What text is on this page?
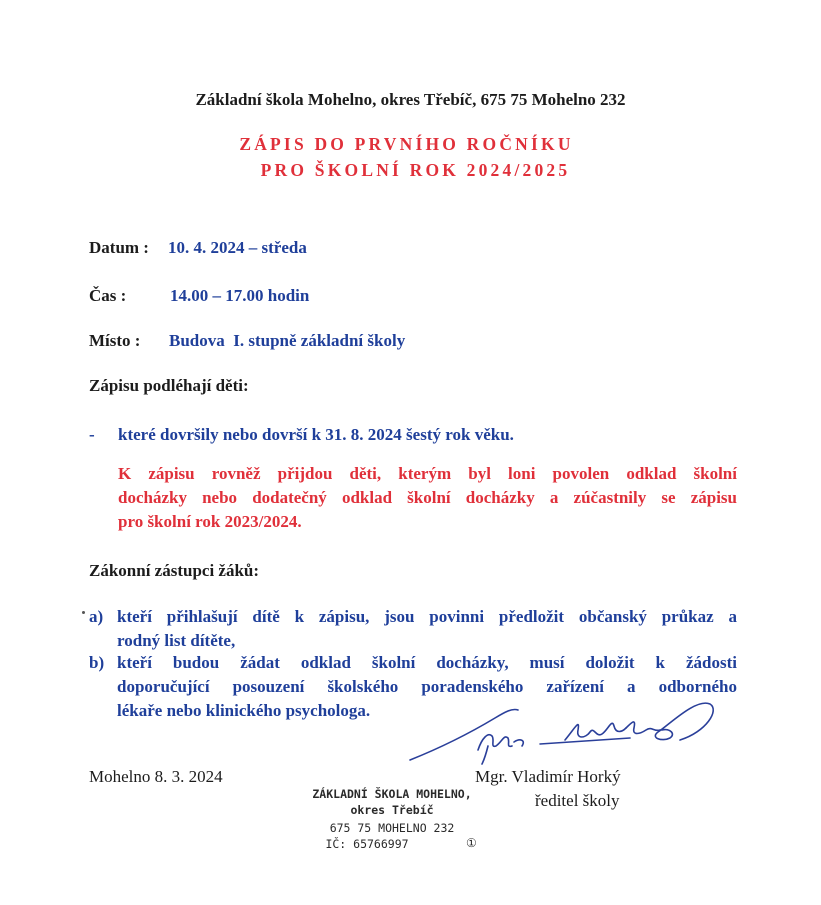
Základní škola Mohelno, okres Třebíč, 675 75 Mohelno 232
ZÁPIS DO PRVNÍHO ROČNÍKU
PRO ŠKOLNÍ ROK 2024/2025
Datum : 10. 4. 2024 – středa
Čas :	14.00 – 17.00 hodin
Místo : Budova  I. stupně základní školy
Zápisu podléhají děti:
- které dovršily nebo dovrší k 31. 8. 2024 šestý rok věku.
K zápisu rovněž přijdou děti, kterým byl loni povolen odklad školní
docházky nebo dodatečný odklad školní docházky a zúčastnily se zápisu
pro školní rok 2023/2024.
Zákonní zástupci žáků:
a) kteří přihlašují dítě k zápisu, jsou povinni předložit občanský průkaz a
rodný list dítěte,
b) kteří budou žádat odklad školní docházky, musí doložit k žádosti
doporučující posouzení školského poradenského zařízení a odborného
lékaře nebo klinického psychologa.
Mohelno 8. 3. 2024	Mgr. Vladimír Horký
ředitel školy
ZÁKLADNÍ ŠKOLA MOHELNO,
okres Třebíč
675 75 MOHELNO 232
IČ: 65766997	①
